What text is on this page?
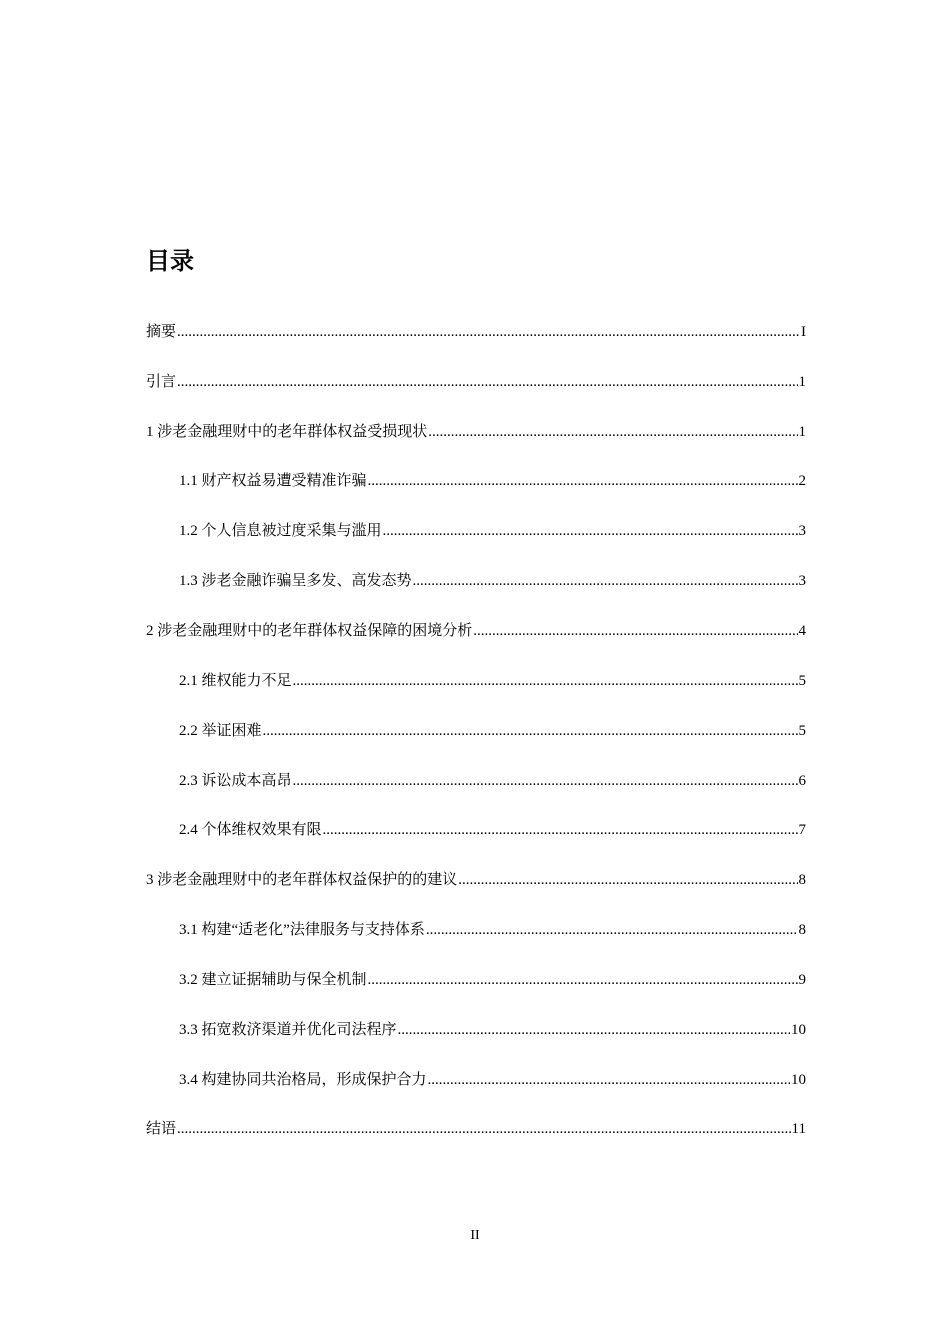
目录
摘要 .....	I
引言 .....	1
1 涉老金融理财中的老年群体权益受损现状 .....	1
1.1 财产权益易遭受精准诈骗 .....	2
1.2 个人信息被过度采集与滥用 .....	3
1.3 涉老金融诈骗呈多发、高发态势 .....	3
2 涉老金融理财中的老年群体权益保障的困境分析 .....	4
2.1 维权能力不足 .....	5
2.2 举证困难 .....	5
2.3 诉讼成本高昂 .....	6
2.4 个体维权效果有限 .....	7
3 涉老金融理财中的老年群体权益保护的的建议 .....	8
3.1 构建“适老化”法律服务与支持体系 .....	8
3.2 建立证据辅助与保全机制 .....	9
3.3 拓宽救济渠道并优化司法程序 .....	10
3.4 构建协同共治格局，形成保护合力 .....	10
结语 .....	11
II
